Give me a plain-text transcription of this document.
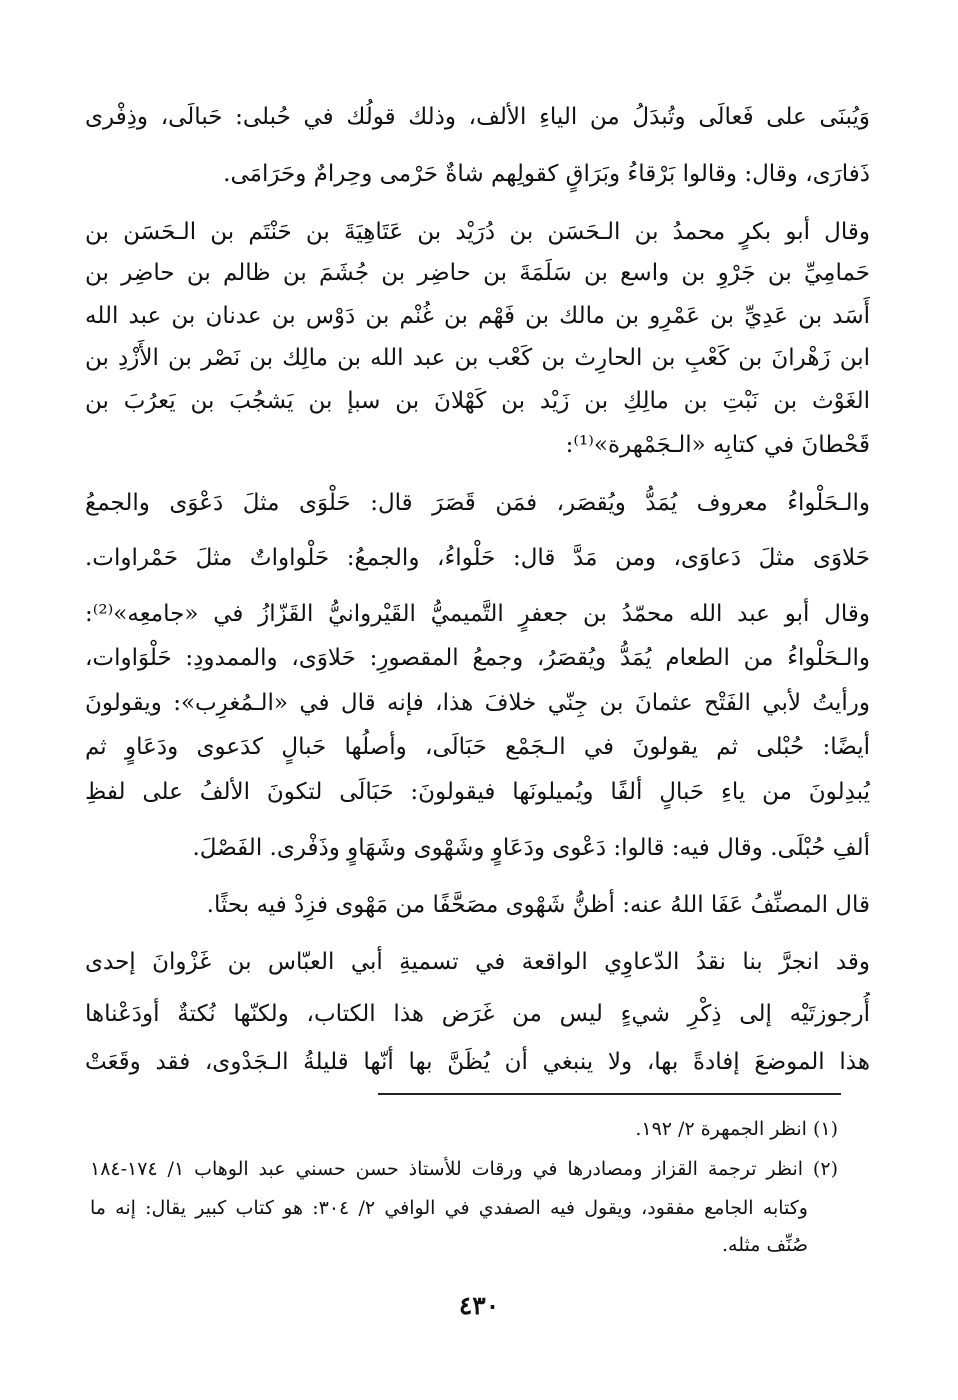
وَيُبنَى على فَعالَى وتُبدَلُ من الياءِ الألف، وذلك قولُك في حُبلى: حَبالَى، وذِفْرى
ذَفارَى، وقال: وقالوا بَرْقاءُ وبَرَاقٍ كقولِهم شاةٌ حَرْمى وحِرامٌ وحَرَامَى.
وقال أبو بكرٍ محمدُ بن الـحَسَن بن دُرَيْد بن عَتَاهِيَةَ بن حَنْتَم بن الـحَسَن بن
حَمامِيِّ بن جَرْوِ بن واسع بن سَلَمَةَ بن حاضِر بن جُشَمَ بن ظالم بن حاضِر بن
أَسَد بن عَدِيِّ بن عَمْرِو بن مالك بن فَهْم بن غُنْم بن دَوْس بن عدنان بن عبد الله
ابن زَهْرانَ بن كَعْبِ بن الحارِث بن كَعْب بن عبد الله بن مالِك بن نَصْر بن الأَزْدِ بن
الغَوْث بن نَبْتِ بن مالِكِ بن زَيْد بن كَهْلانَ بن سبإ بن يَشجُبَ بن يَعرُبَ بن
قَحْطانَ في كتابِه «الـجَمْهرة»⁽¹⁾:
والـحَلْواءُ معروف يُمَدُّ ويُقصَر، فمَن قَصَرَ قال: حَلْوَى مثلَ دَعْوَى والجمعُ
حَلاوَى مثلَ دَعاوَى، ومن مَدَّ قال: حَلْواءُ، والجمعُ: حَلْواواتٌ مثلَ حَمْراوات.
وقال أبو عبد الله محمّدُ بن جعفرٍ التَّميميُّ القَيْروانيُّ القَزّازُ في «جامعِه»⁽²⁾:
والـحَلْواءُ من الطعام يُمَدُّ ويُقصَرُ، وجمعُ المقصورِ: حَلاوَى، والممدودِ: حَلْوَاوات،
ورأيتُ لأبي الفَتْح عثمانَ بن جِنّي خلافَ هذا، فإنه قال في «الـمُغرِب»: ويقولونَ
أيضًا: حُبْلى ثم يقولونَ في الـجَمْع حَبَالَى، وأصلُها حَبالٍ كدَعوى ودَعَاوٍ ثم
يُبدِلونَ من ياءِ حَبالٍ ألفًا ويُميلونَها فيقولونَ: حَبَالَى لتكونَ الألفُ على لفظِ
ألفِ حُبْلَى. وقال فيه: قالوا: دَعْوى ودَعَاوٍ وشَهْوى وشَهَاوٍ وذَفْرى. الفَصْلَ.
قال المصنِّفُ عَفَا اللهُ عنه: أظنُّ شَهْوى مصَحَّفًا من مَهْوى فزِدْ فيه بحثًا.
وقد انجرَّ بنا نقدُ الدّعاوِي الواقعة في تسميةِ أبي العبّاس بن غَزْوانَ إحدى
أُرجوزتَيْه إلى ذِكْرِ شيءٍ ليس من غَرَض هذا الكتاب، ولكنّها نُكتةٌ أودَعْناها
هذا الموضعَ إفادةً بها، ولا ينبغي أن يُظَنَّ بها أنّها قليلةُ الـجَدْوى، فقد وقَعَتْ
(١) انظر الجمهرة ٢/ ١٩٢.
(٢) انظر ترجمة القزاز ومصادرها في ورقات للأستاذ حسن حسني عبد الوهاب ١/ ١٧٤-١٨٤
وكتابه الجامع مفقود، ويقول فيه الصفدي في الوافي ٢/ ٣٠٤: هو كتاب كبير يقال: إنه ما
صُنِّف مثله.
٤٣٠
